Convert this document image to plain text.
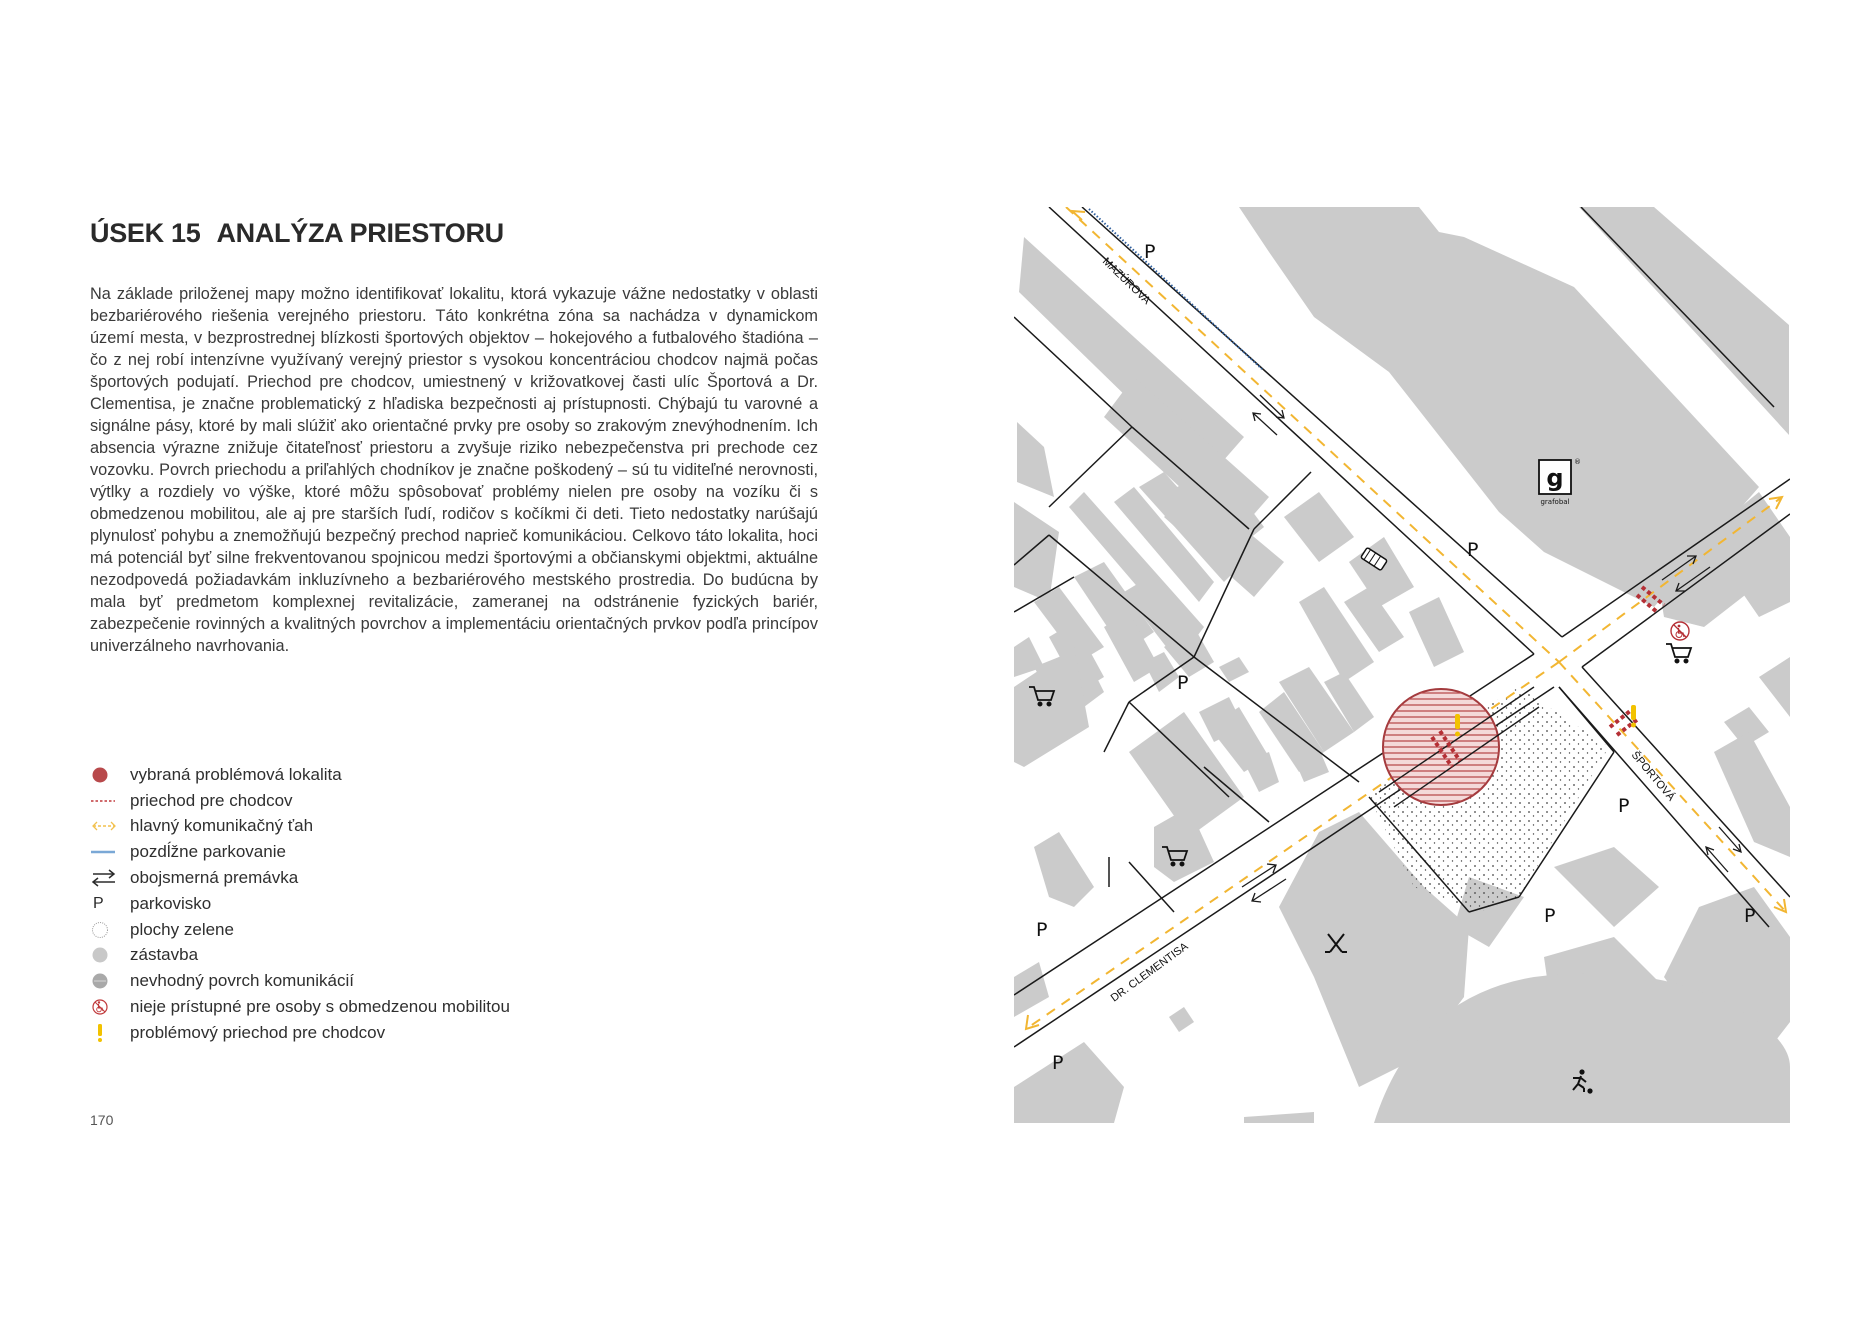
ÚSEK 15 ANALÝZA PRIESTORU
Na základe priloženej mapy možno identifikovať lokalitu, ktorá vykazuje vážne nedostatky v oblasti bezbariérového riešenia verejného priestoru. Táto konkrétna zóna sa nachádza v dynamickom území mesta, v bezprostrednej blízkosti športových objektov – hokejového a futbalového štadióna – čo z nej robí intenzívne využívaný verejný priestor s vysokou koncentráciou chodcov najmä počas športových podujatí. Priechod pre chodcov, umiestnený v križovatkovej časti ulíc Športová a Dr. Clementisa, je značne problematický z hľadiska bezpečnosti aj prístupnosti. Chýbajú tu varovné a signálne pásy, ktoré by mali slúžiť ako orientačné prvky pre osoby so zrakovým znevýhodnením. Ich absencia výrazne znižuje čitateľnosť priestoru a zvyšuje riziko nebezpečenstva pri prechode cez vozovku. Povrch priechodu a priľahlých chodníkov je značne poškodený – sú tu viditeľné nerovnosti, výtlky a rozdiely vo výške, ktoré môžu spôsobovať problémy nielen pre osoby na vozíku či s obmedzenou mobilitou, ale aj pre starších ľudí, rodičov s kočíkmi či deti. Tieto nedostatky narúšajú plynulosť pohybu a znemožňujú bezpečný prechod naprieč komunikáciou. Celkovo táto lokalita, hoci má potenciál byť silne frekventovanou spojnicou medzi športovými a občianskymi objektmi, aktuálne nezodpovedá požiadavkám inkluzívneho a bezbariérového mestského prostredia. Do budúcna by mala byť predmetom komplexnej revitalizácie, zameranej na odstránenie fyzických bariér, zabezpečenie rovinných a kvalitných povrchov a implementáciu orientačných prvkov podľa princípov univerzálneho navrhovania.
vybraná problémová lokalita
priechod pre chodcov
hlavný komunikačný ťah
pozdĺžne parkovanie
obojsmerná premávka
P parkovisko
plochy zelene
zástavba
nevhodný povrch komunikácií
nieje prístupné pre osoby s obmedzenou mobilitou
problémový priechod pre chodcov
170
MAZÚROVA
DR. CLEMENTISA
ŠPORTOVÁ
P
P
P
P
P	P
P
P
g
®
grafobal
